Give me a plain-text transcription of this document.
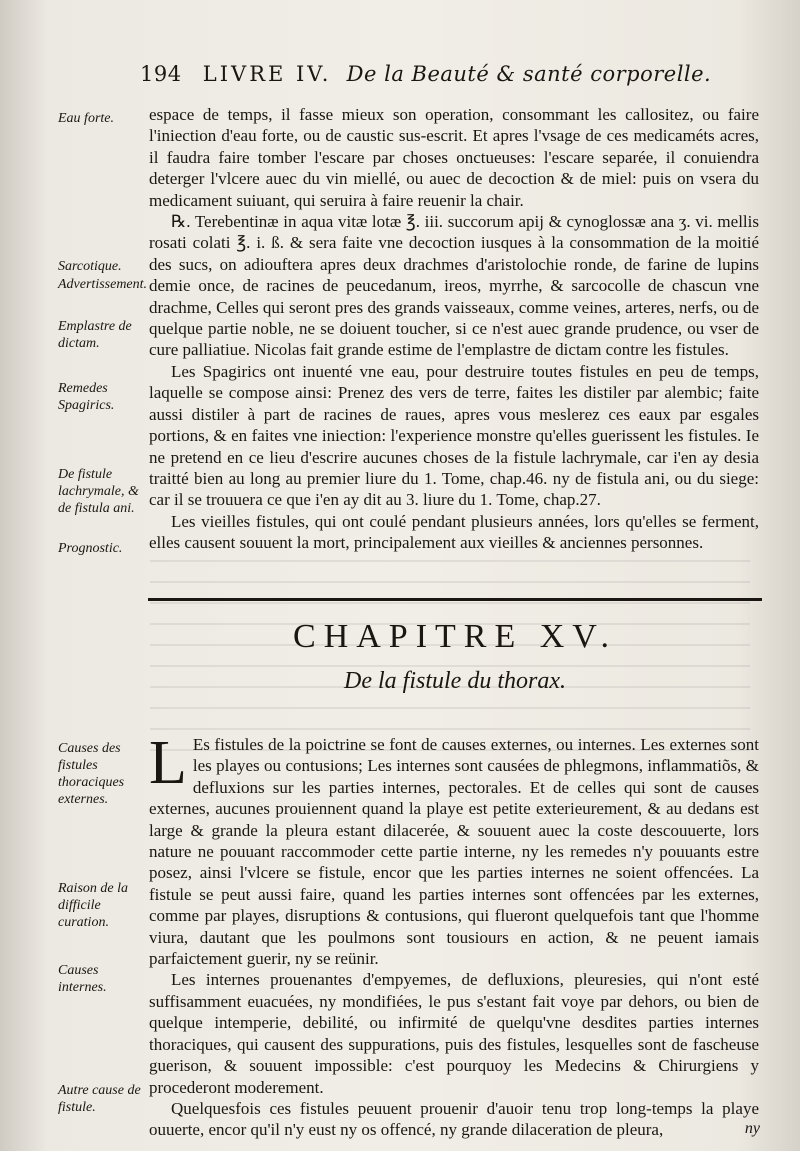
194 LIVRE IV. De la Beauté & santé corporelle.
Eau forte.
Sarcotique.
Advertissement.
Emplastre de dictam.
Remedes Spagirics.
De fistule lachrymale, & de fistula ani.
Prognostic.
Causes des fistules thoraciques externes.
Raison de la difficile curation.
Causes internes.
Autre cause de fistule.

espace de temps, il fasse mieux son operation, consommant les callositez, ou faire l'iniection d'eau forte, ou de caustic sus-escrit. Et apres l'vsage de ces medicaméts acres, il faudra faire tomber l'escare par choses onctueuses: l'escare separée, il conuiendra deterger l'vlcere auec du vin miellé, ou auec de decoction & de miel: puis on vsera du medicament suiuant, qui seruira à faire reuenir la chair.

℞. Terebentinæ in aqua vitæ lotæ ℥. iii. succorum apij & cynoglossæ ana ʒ. vi. mellis rosati colati ℥. i. ß. & sera faite vne decoction iusques à la consommation de la moitié des sucs, on adiouftera apres deux drachmes d'aristolochie ronde, de farine de lupins demie once, de racines de peucedanum, ireos, myrrhe, & sarcocolle de chascun vne drachme, Celles qui seront pres des grands vaisseaux, comme veines, arteres, nerfs, ou de quelque partie noble, ne se doiuent toucher, si ce n'est auec grande prudence, ou vser de cure palliatiue. Nicolas fait grande estime de l'emplastre de dictam contre les fistules.

Les Spagirics ont inuenté vne eau, pour destruire toutes fistules en peu de temps, laquelle se compose ainsi: Prenez des vers de terre, faites les distiler par alembic; faite aussi distiler à part de racines de raues, apres vous meslerez ces eaux par esgales portions, & en faites vne iniection: l'experience monstre qu'elles guerissent les fistules. Ie ne pretend en ce lieu d'escrire aucunes choses de la fistule lachrymale, car i'en ay desia traitté bien au long au premier liure du 1. Tome, chap.46. ny de fistula ani, ou du siege: car il se trouuera ce que i'en ay dit au 3. liure du 1. Tome, chap.27.

Les vieilles fistules, qui ont coulé pendant plusieurs années, lors qu'elles se ferment, elles causent souuent la mort, principalement aux vieilles & anciennes personnes.

CHAPITRE XV.
De la fistule du thorax.

L Es fistules de la poictrine se font de causes externes, ou internes. Les externes sont les playes ou contusions; Les internes sont causées de phlegmons, inflammatiõs, & defluxions sur les parties internes, pectorales. Et de celles qui sont de causes externes, aucunes prouiennent quand la playe est petite exterieurement, & au dedans est large & grande la pleura estant dilacerée, & souuent auec la coste descouuerte, lors nature ne pouuant raccommoder cette partie interne, ny les remedes n'y pouuants estre posez, ainsi l'vlcere se fistule, encor que les parties internes ne soient offencées. La fistule se peut aussi faire, quand les parties internes sont offencées par les externes, comme par playes, disruptions & contusions, qui flueront quelquefois tant que l'homme viura, dautant que les poulmons sont tousiours en action, & ne peuent iamais parfaictement guerir, ny se reünir.

Les internes prouenantes d'empyemes, de defluxions, pleuresies, qui n'ont esté suffisamment euacuées, ny mondifiées, le pus s'estant fait voye par dehors, ou bien de quelque intemperie, debilité, ou infirmité de quelqu'vne desdites parties internes thoraciques, qui causent des suppurations, puis des fistules, lesquelles sont de fascheuse guerison, & souuent impossible: c'est pourquoy les Medecins & Chirurgiens y procederont moderement.

Quelquesfois ces fistules peuuent prouenir d'auoir tenu trop long-temps la playe ouuerte, encor qu'il n'y eust ny os offencé, ny grande dilaceration de pleura,	ny
